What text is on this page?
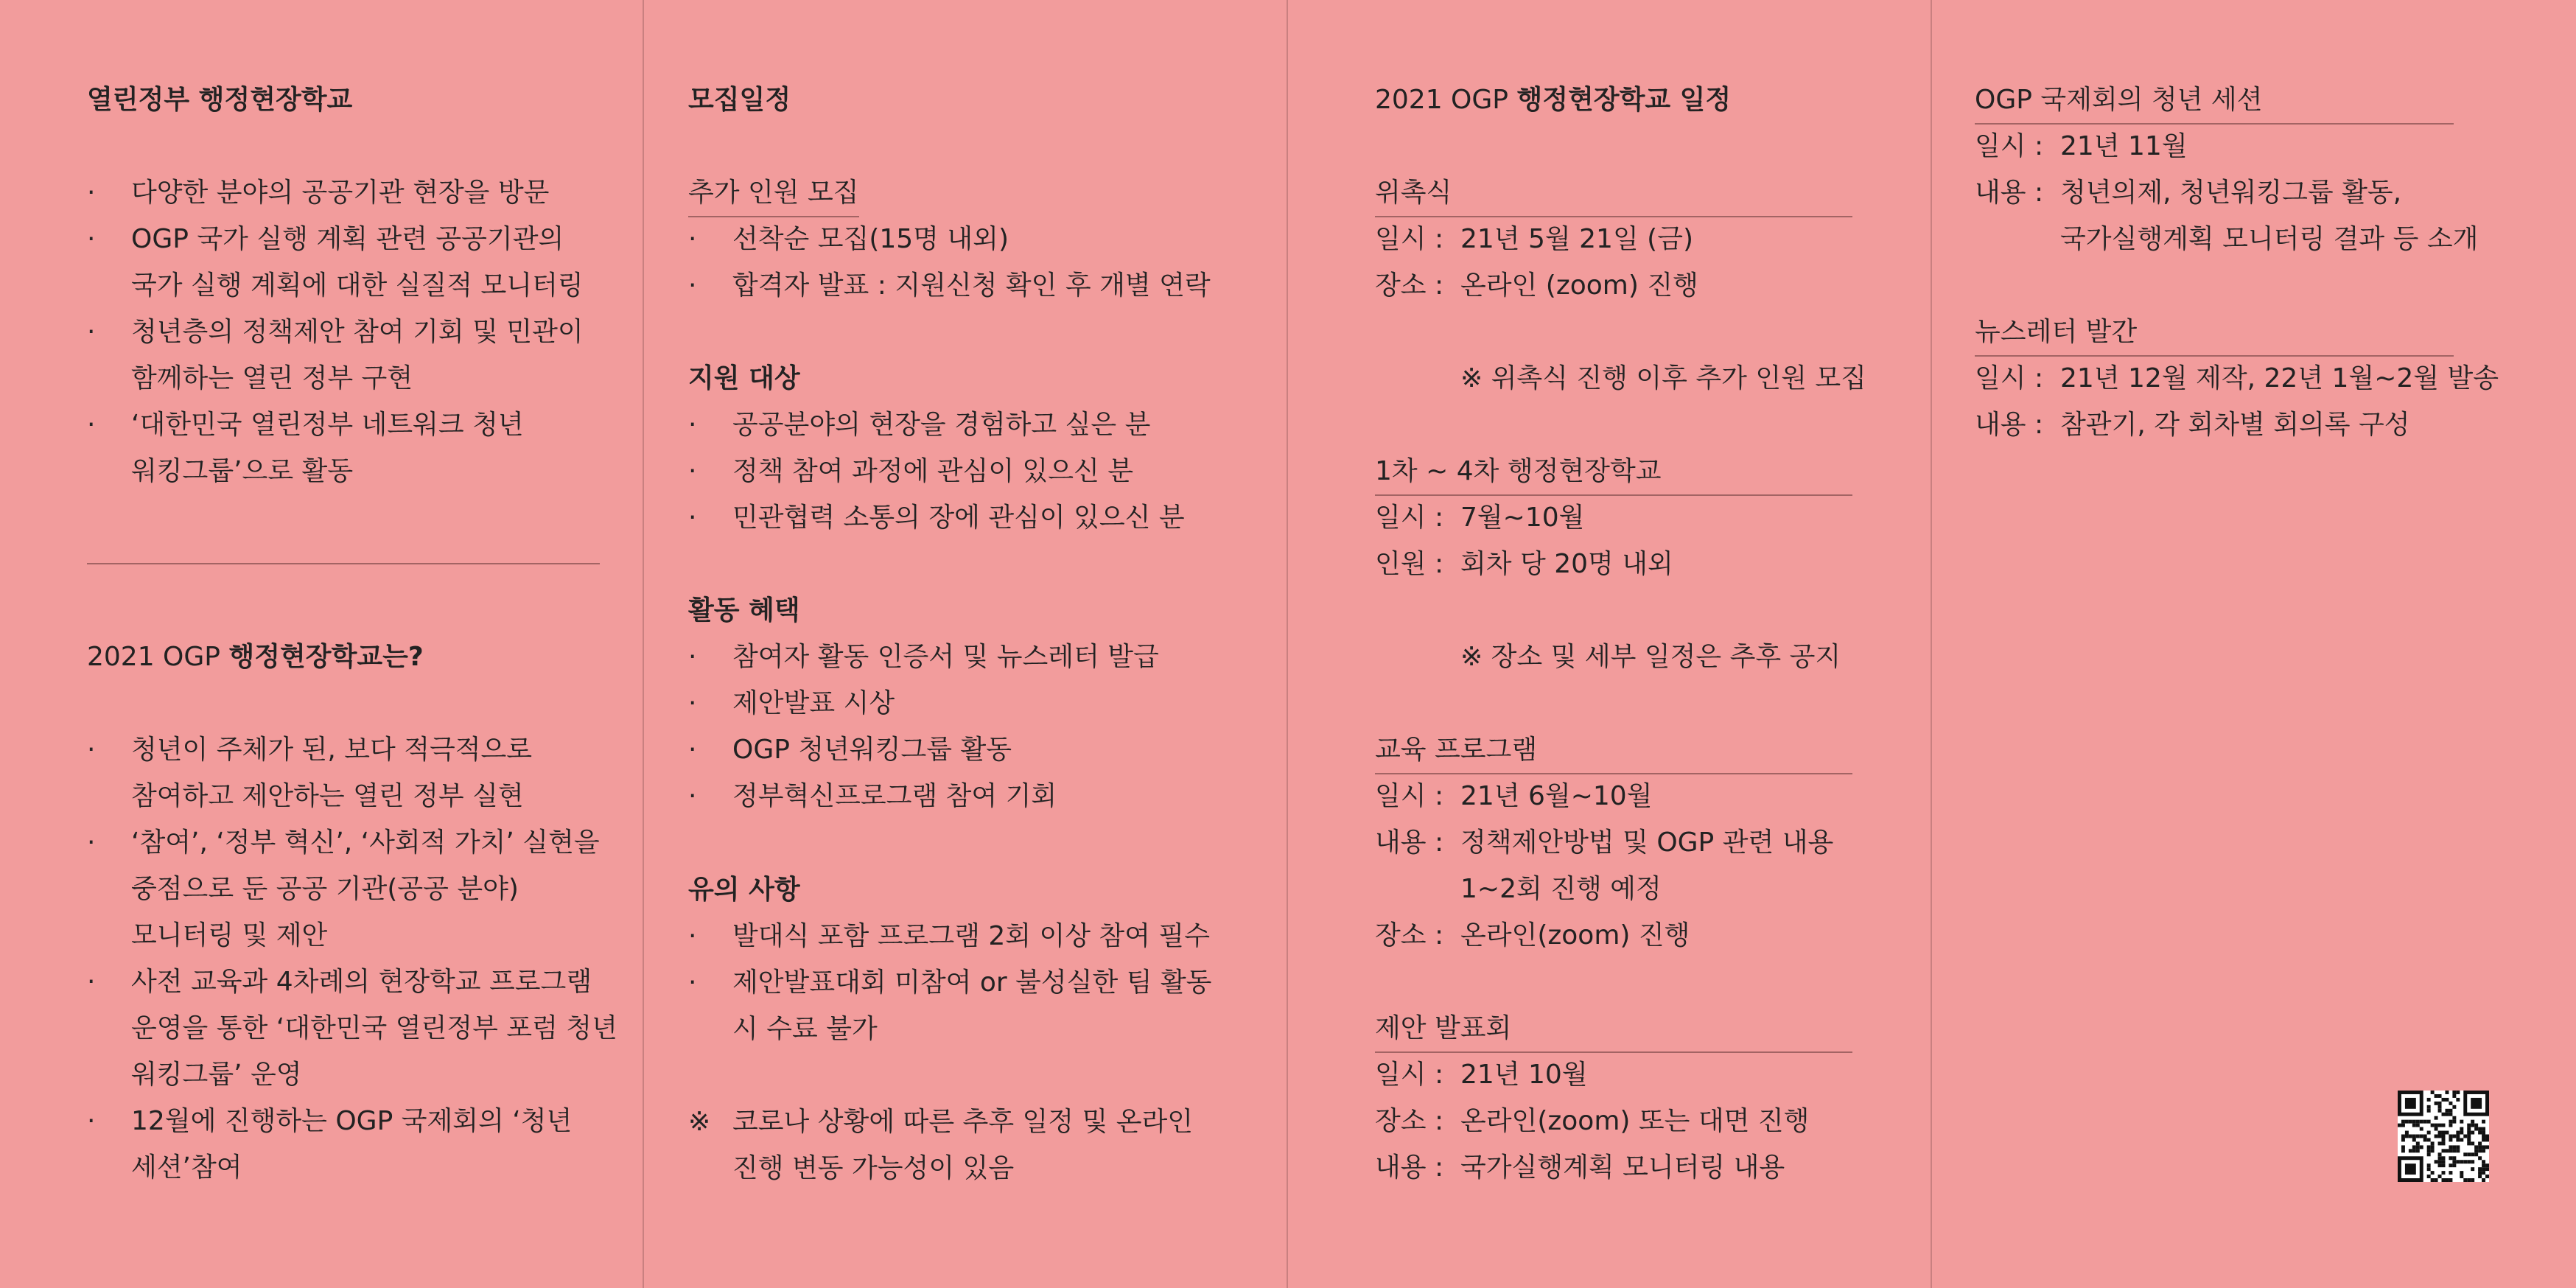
열린정부 행정현장학교
·	다양한 분야의 공공기관 현장을 방문
·	OGP 국가 실행 계획 관련 공공기관의
국가 실행 계획에 대한 실질적 모니터링
·	청년층의 정책제안 참여 기회 및 민관이
함께하는 열린 정부 구현
·	‘대한민국 열린정부 네트워크 청년
워킹그룹’으로 활동
2021 OGP 행정현장학교는?
·	청년이 주체가 된, 보다 적극적으로
참여하고 제안하는 열린 정부 실현
·	‘참여’, ‘정부 혁신’, ‘사회적 가치’ 실현을
중점으로 둔 공공 기관(공공 분야)
모니터링 및 제안
·	사전 교육과 4차례의 현장학교 프로그램
운영을 통한 ‘대한민국 열린정부 포럼 청년
워킹그룹’ 운영
·	12월에 진행하는 OGP 국제회의 ‘청년
세션’참여
모집일정
추가 인원 모집
·	선착순 모집(15명 내외)
·	합격자 발표 : 지원신청 확인 후 개별 연락
지원 대상
·	공공분야의 현장을 경험하고 싶은 분
·	정책 참여 과정에 관심이 있으신 분
·	민관협력 소통의 장에 관심이 있으신 분
활동 혜택
·	참여자 활동 인증서 및 뉴스레터 발급
·	제안발표 시상
·	OGP 청년워킹그룹 활동
·	정부혁신프로그램 참여 기회
유의 사항
·	발대식 포함 프로그램 2회 이상 참여 필수
·	제안발표대회 미참여 or 불성실한 팀 활동
시 수료 불가
※ 코로나 상황에 따른 추후 일정 및 온라인
진행 변동 가능성이 있음
2021 OGP 행정현장학교 일정
위촉식
일시 : 21년 5월 21일 (금)
장소 : 온라인 (zoom) 진행
※ 위촉식 진행 이후 추가 인원 모집
1차 ~ 4차 행정현장학교
일시 : 7월~10월
인원 : 회차 당 20명 내외
※ 장소 및 세부 일정은 추후 공지
교육 프로그램
일시 : 21년 6월~10월
내용 : 정책제안방법 및 OGP 관련 내용
1~2회 진행 예정
장소 : 온라인(zoom) 진행
제안 발표회
일시 : 21년 10월
장소 : 온라인(zoom) 또는 대면 진행
내용 : 국가실행계획 모니터링 내용
OGP 국제회의 청년 세션
일시 : 21년 11월
내용 : 청년의제, 청년워킹그룹 활동,
국가실행계획 모니터링 결과 등 소개
뉴스레터 발간
일시 : 21년 12월 제작, 22년 1월~2월 발송
내용 : 참관기, 각 회차별 회의록 구성
